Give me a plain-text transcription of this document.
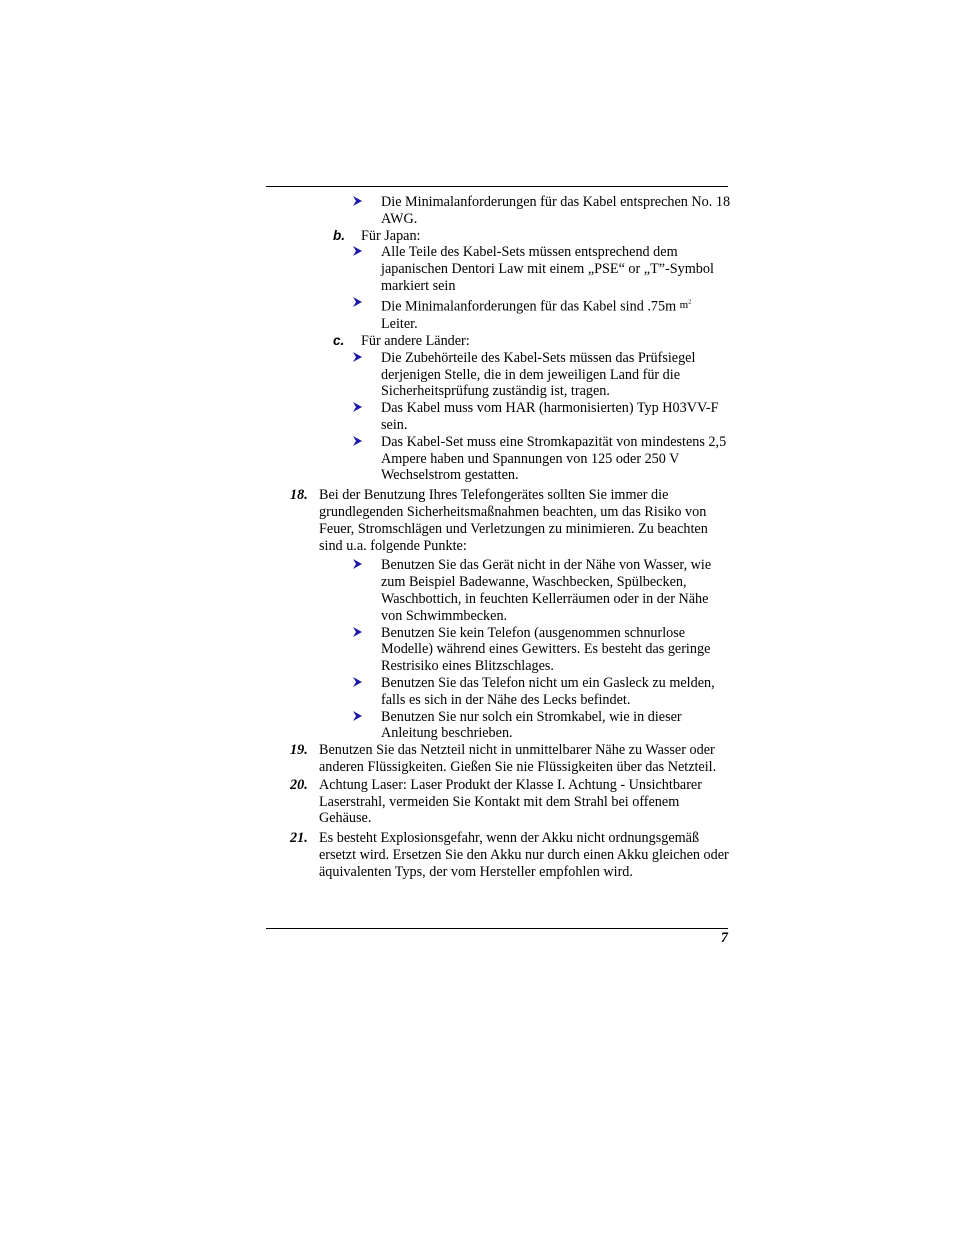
Die Minimalanforderungen für das Kabel entsprechen No. 18 AWG.
b. Für Japan:
Alle Teile des Kabel-Sets müssen entsprechend dem japanischen Dentori Law mit einem „PSE“ or „T”-Symbol markiert sein
Die Minimalanforderungen für das Kabel sind .75m $m^2$
Leiter.
c. Für andere Länder:
Die Zubehörteile des Kabel-Sets müssen das Prüfsiegel derjenigen Stelle, die in dem jeweiligen Land für die Sicherheitsprüfung zuständig ist, tragen.
Das Kabel muss vom HAR (harmonisierten) Typ H03VV-F sein.
Das Kabel-Set muss eine Stromkapazität von mindestens 2,5 Ampere haben und Spannungen von 125 oder 250 V Wechselstrom gestatten.
18. Bei der Benutzung Ihres Telefongerätes sollten Sie immer die grundlegenden Sicherheitsmaßnahmen beachten, um das Risiko von Feuer, Stromschlägen und Verletzungen zu minimieren. Zu beachten sind u.a. folgende Punkte:
Benutzen Sie das Gerät nicht in der Nähe von Wasser, wie zum Beispiel Badewanne, Waschbecken, Spülbecken, Waschbottich, in feuchten Kellerräumen oder in der Nähe von Schwimmbecken.
Benutzen Sie kein Telefon (ausgenommen schnurlose Modelle) während eines Gewitters. Es besteht das geringe Restrisiko eines Blitzschlages.
Benutzen Sie das Telefon nicht um ein Gasleck zu melden, falls es sich in der Nähe des Lecks befindet.
Benutzen Sie nur solch ein Stromkabel, wie in dieser Anleitung beschrieben.
19. Benutzen Sie das Netzteil nicht in unmittelbarer Nähe zu Wasser oder anderen Flüssigkeiten. Gießen Sie nie Flüssigkeiten über das Netzteil.
20. Achtung Laser: Laser Produkt der Klasse I. Achtung - Unsichtbarer Laserstrahl, vermeiden Sie Kontakt mit dem Strahl bei offenem Gehäuse.
21. Es besteht Explosionsgefahr, wenn der Akku nicht ordnungsgemäß ersetzt wird. Ersetzen Sie den Akku nur durch einen Akku gleichen oder äquivalenten Typs, der vom Hersteller empfohlen wird.
7
